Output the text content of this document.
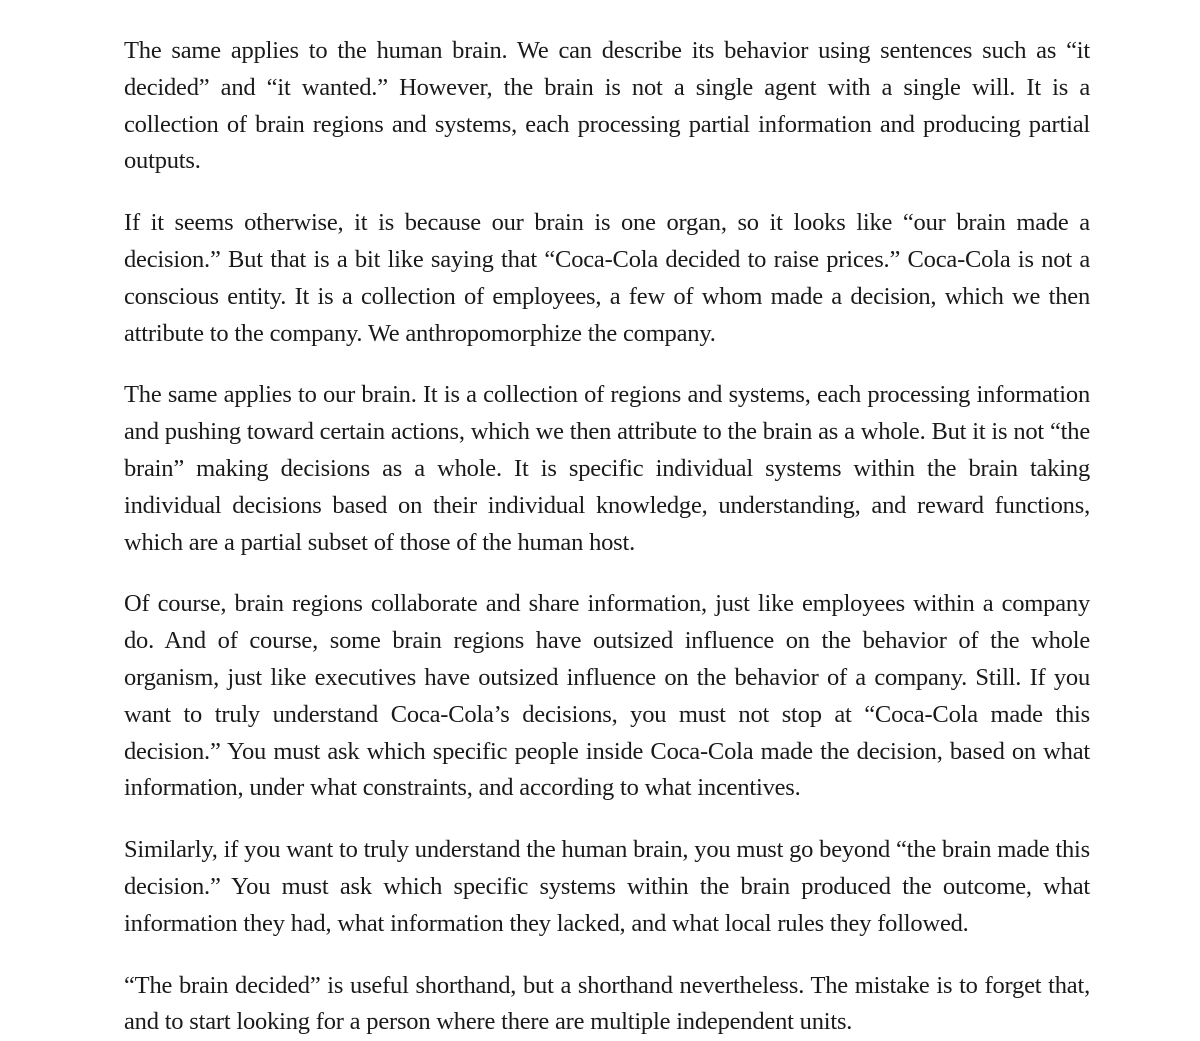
The same applies to the human brain. We can describe its behavior using sentences such as “it decided” and “it wanted.” However, the brain is not a single agent with a single will. It is a collection of brain regions and systems, each processing partial information and producing partial outputs.

If it seems otherwise, it is because our brain is one organ, so it looks like “our brain made a decision.” But that is a bit like saying that “Coca-Cola decided to raise prices.” Coca-Cola is not a conscious entity. It is a collection of employees, a few of whom made a decision, which we then attribute to the company. We anthropomorphize the company.

The same applies to our brain. It is a collection of regions and systems, each processing information and pushing toward certain actions, which we then attribute to the brain as a whole. But it is not “the brain” making decisions as a whole. It is specific individual systems within the brain taking individual decisions based on their individual knowledge, understanding, and reward functions, which are a partial subset of those of the human host.

Of course, brain regions collaborate and share information, just like employees within a company do. And of course, some brain regions have outsized influence on the behavior of the whole organism, just like executives have outsized influence on the behavior of a company. Still. If you want to truly understand Coca-Cola’s decisions, you must not stop at “Coca-Cola made this decision.” You must ask which specific people inside Coca-Cola made the decision, based on what information, under what constraints, and according to what incentives.

Similarly, if you want to truly understand the human brain, you must go beyond “the brain made this decision.” You must ask which specific systems within the brain produced the outcome, what information they had, what information they lacked, and what local rules they followed.

“The brain decided” is useful shorthand, but a shorthand nevertheless. The mistake is to forget that, and to start looking for a person where there are multiple independent units.
